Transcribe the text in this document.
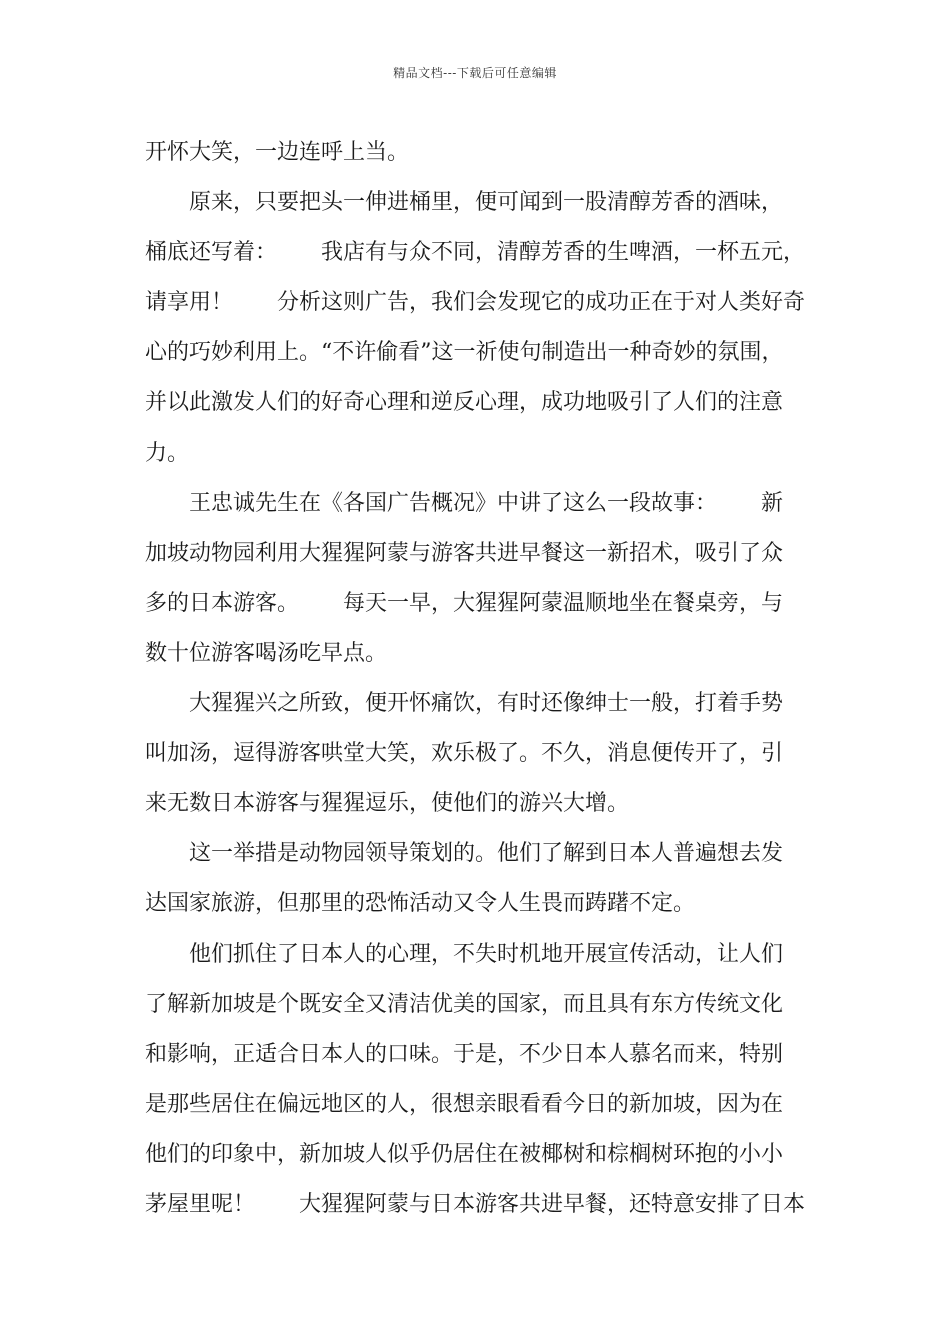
精品文档---下载后可任意编辑
开怀大笑，一边连呼上当。
原来，只要把头一伸进桶里，便可闻到一股清醇芳香的酒味，
桶底还写着： 我店有与众不同，清醇芳香的生啤酒，一杯五元，
请享用！ 分析这则广告，我们会发现它的成功正在于对人类好奇
心的巧妙利用上。“不许偷看”这一祈使句制造出一种奇妙的氛围，
并以此激发人们的好奇心理和逆反心理，成功地吸引了人们的注意
力。
王忠诚先生在《各国广告概况》中讲了这么一段故事： 新
加坡动物园利用大猩猩阿蒙与游客共进早餐这一新招术，吸引了众
多的日本游客。 每天一早，大猩猩阿蒙温顺地坐在餐桌旁，与
数十位游客喝汤吃早点。
大猩猩兴之所致，便开怀痛饮，有时还像绅士一般，打着手势
叫加汤，逗得游客哄堂大笑，欢乐极了。不久，消息便传开了，引
来无数日本游客与猩猩逗乐，使他们的游兴大增。
这一举措是动物园领导策划的。他们了解到日本人普遍想去发
达国家旅游，但那里的恐怖活动又令人生畏而踌躇不定。
他们抓住了日本人的心理，不失时机地开展宣传活动，让人们
了解新加坡是个既安全又清洁优美的国家，而且具有东方传统文化
和影响，正适合日本人的口味。于是，不少日本人慕名而来，特别
是那些居住在偏远地区的人，很想亲眼看看今日的新加坡，因为在
他们的印象中，新加坡人似乎仍居住在被椰树和棕榈树环抱的小小
茅屋里呢！ 大猩猩阿蒙与日本游客共进早餐，还特意安排了日本
